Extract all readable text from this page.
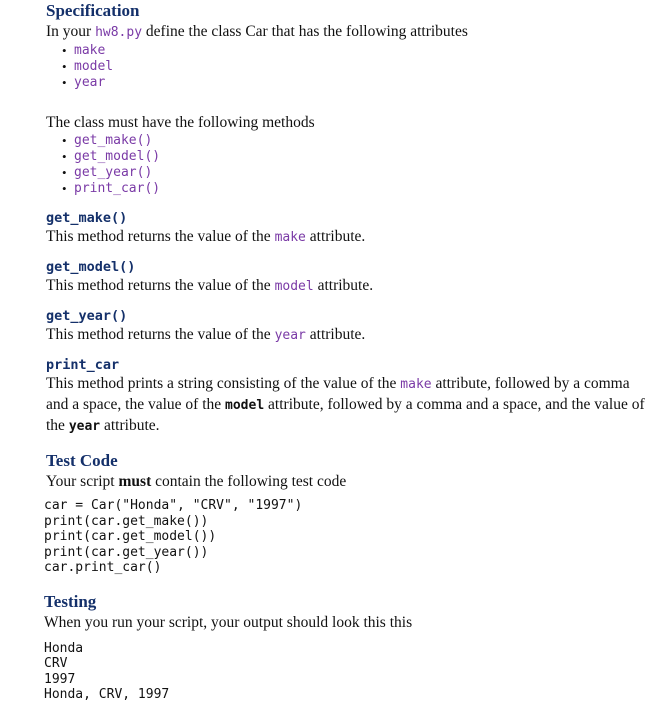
Specification

In your hw8.py define the class Car that has the following attributes

• make
• model
• year

The class must have the following methods

• get_make()
• get_model()
• get_year()
• print_car()
get_make()

This method returns the value of the make attribute.

get_model()

This method returns the value of the model attribute.

get_year()

This method returns the value of the year attribute.

print_car

This method prints a string consisting of the value of the make attribute, followed by a comma and a space, the value of the model attribute, followed by a comma and a space, and the value of the year attribute.

Test Code

Your script must contain the following test code

car = Car("Honda", "CRV", "1997")
print(car.get_make())
print(car.get_model())
print(car.get_year())
car.print_car()
Testing

When you run your script, your output should look this this

Honda
CRV
1997
Honda, CRV, 1997
